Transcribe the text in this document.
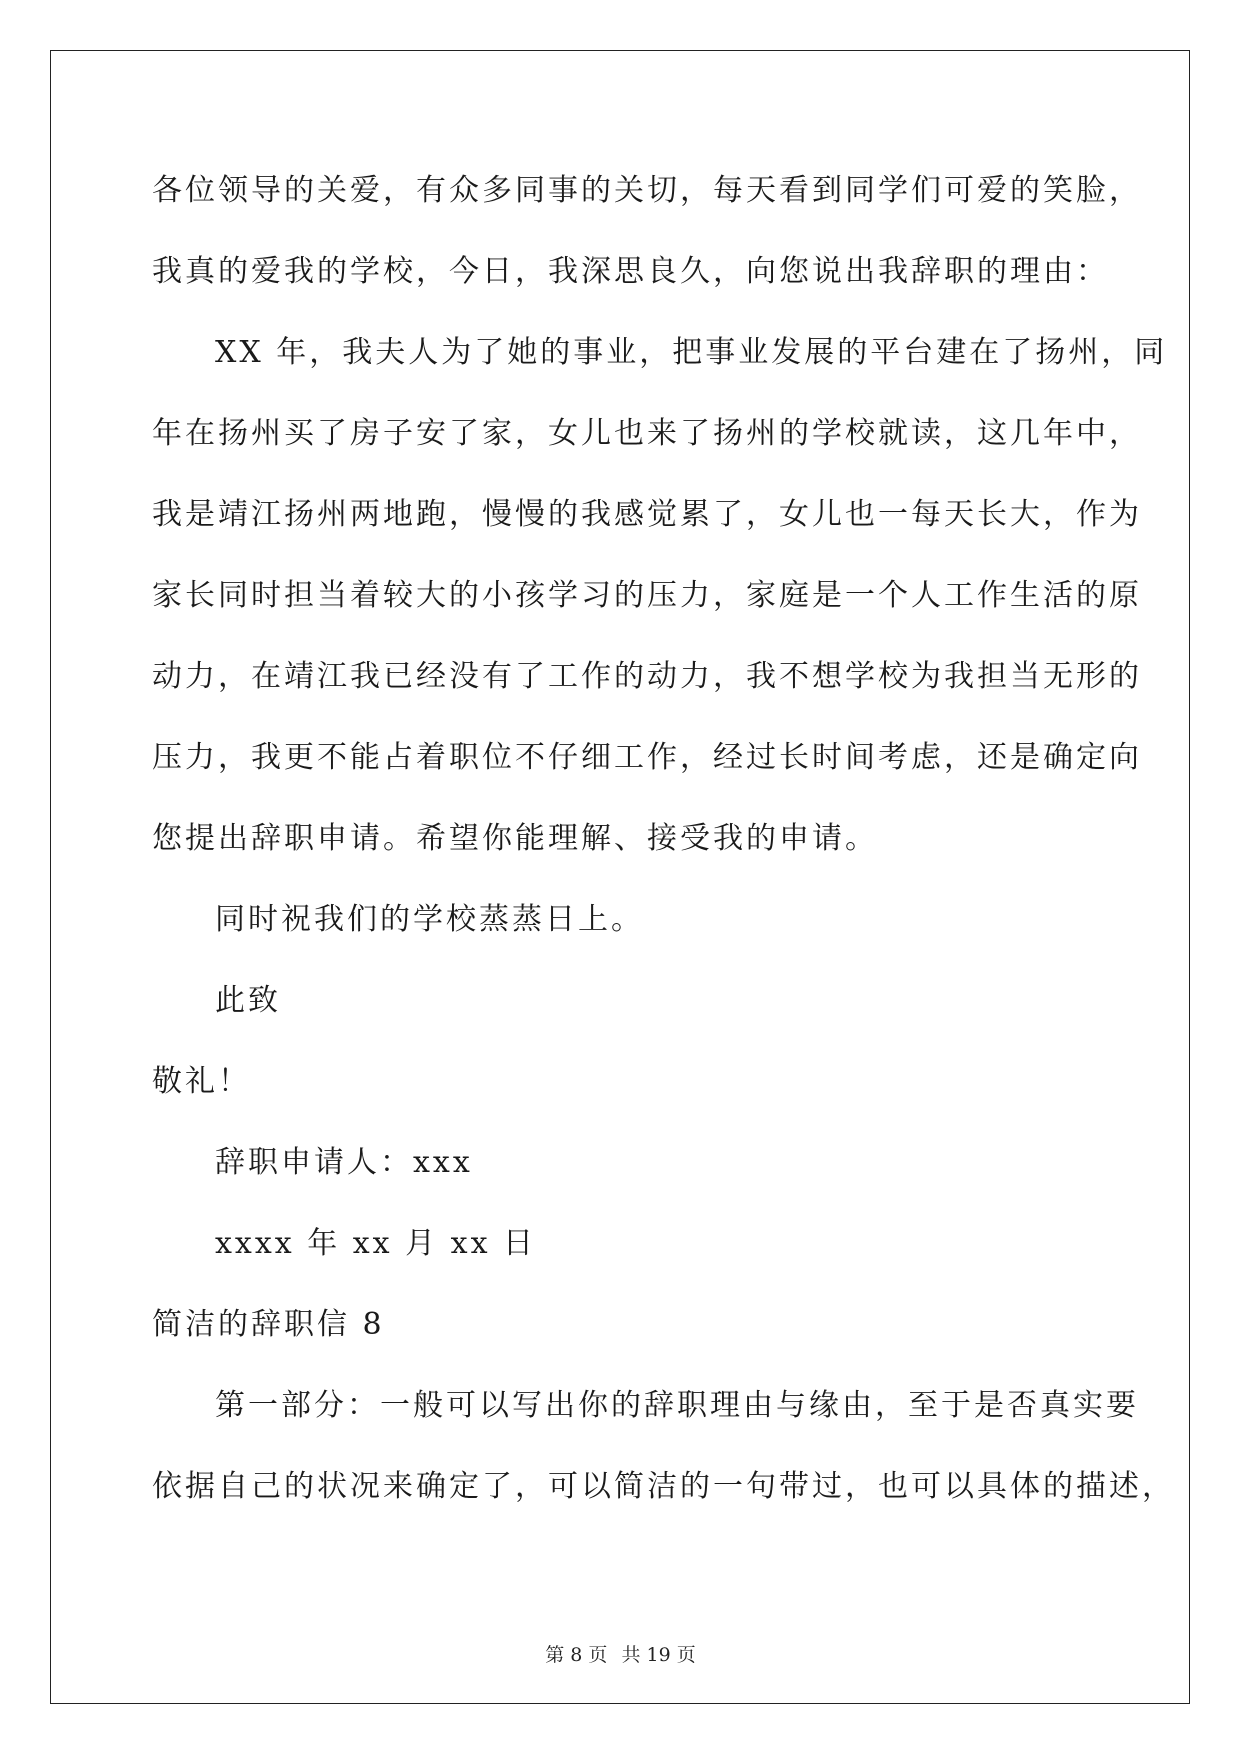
各位领导的关爱，有众多同事的关切，每天看到同学们可爱的笑脸，

我真的爱我的学校，今日，我深思良久，向您说出我辞职的理由：

XX 年，我夫人为了她的事业，把事业发展的平台建在了扬州，同

年在扬州买了房子安了家，女儿也来了扬州的学校就读，这几年中，

我是靖江扬州两地跑，慢慢的我感觉累了，女儿也一每天长大，作为

家长同时担当着较大的小孩学习的压力，家庭是一个人工作生活的原

动力，在靖江我已经没有了工作的动力，我不想学校为我担当无形的

压力，我更不能占着职位不仔细工作，经过长时间考虑，还是确定向

您提出辞职申请。希望你能理解、接受我的申请。

同时祝我们的学校蒸蒸日上。

此致

敬礼！

辞职申请人：xxx

xxxx 年 xx 月 xx 日

简洁的辞职信 8

第一部分：一般可以写出你的辞职理由与缘由，至于是否真实要

依据自己的状况来确定了，可以简洁的一句带过，也可以具体的描述，

第 8 页 共 19 页
